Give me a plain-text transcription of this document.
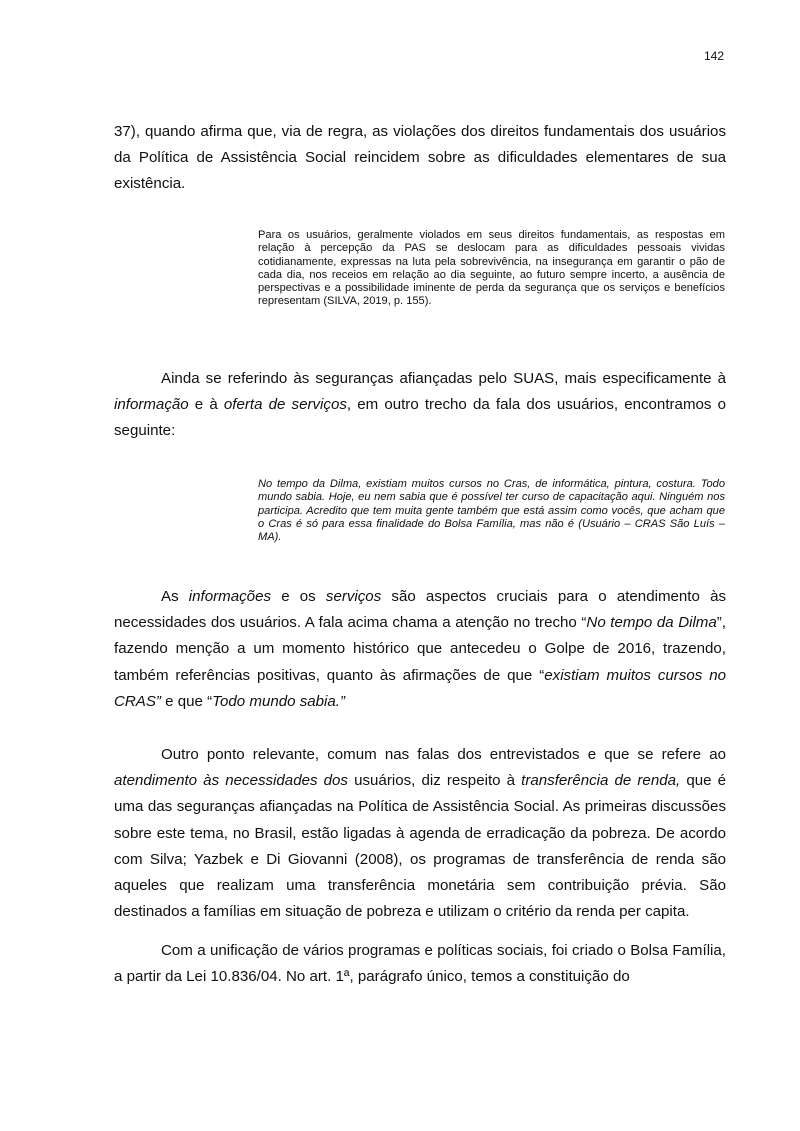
142

37), quando afirma que, via de regra, as violações dos direitos fundamentais dos usuários da Política de Assistência Social reincidem sobre as dificuldades elementares de sua existência.

Para os usuários, geralmente violados em seus direitos fundamentais, as respostas em relação à percepção da PAS se deslocam para as dificuldades pessoais vividas cotidianamente, expressas na luta pela sobrevivência, na insegurança em garantir o pão de cada dia, nos receios em relação ao dia seguinte, ao futuro sempre incerto, a ausência de perspectivas e a possibilidade iminente de perda da segurança que os serviços e benefícios representam (SILVA, 2019, p. 155).

Ainda se referindo às seguranças afiançadas pelo SUAS, mais especificamente à informação e à oferta de serviços, em outro trecho da fala dos usuários, encontramos o seguinte:

No tempo da Dilma, existiam muitos cursos no Cras, de informática, pintura, costura. Todo mundo sabia. Hoje, eu nem sabia que é possível ter curso de capacitação aqui. Ninguém nos participa. Acredito que tem muita gente também que está assim como vocês, que acham que o Cras é só para essa finalidade do Bolsa Família, mas não é (Usuário – CRAS São Luís – MA).

As informações e os serviços são aspectos cruciais para o atendimento às necessidades dos usuários. A fala acima chama a atenção no trecho “No tempo da Dilma”, fazendo menção a um momento histórico que antecedeu o Golpe de 2016, trazendo, também referências positivas, quanto às afirmações de que “existiam muitos cursos no CRAS” e que “Todo mundo sabia.”

Outro ponto relevante, comum nas falas dos entrevistados e que se refere ao atendimento às necessidades dos usuários, diz respeito à transferência de renda, que é uma das seguranças afiançadas na Política de Assistência Social. As primeiras discussões sobre este tema, no Brasil, estão ligadas à agenda de erradicação da pobreza. De acordo com Silva; Yazbek e Di Giovanni (2008), os programas de transferência de renda são aqueles que realizam uma transferência monetária sem contribuição prévia. São destinados a famílias em situação de pobreza e utilizam o critério da renda per capita.

Com a unificação de vários programas e políticas sociais, foi criado o Bolsa Família, a partir da Lei 10.836/04. No art. 1ª, parágrafo único, temos a constituição do
